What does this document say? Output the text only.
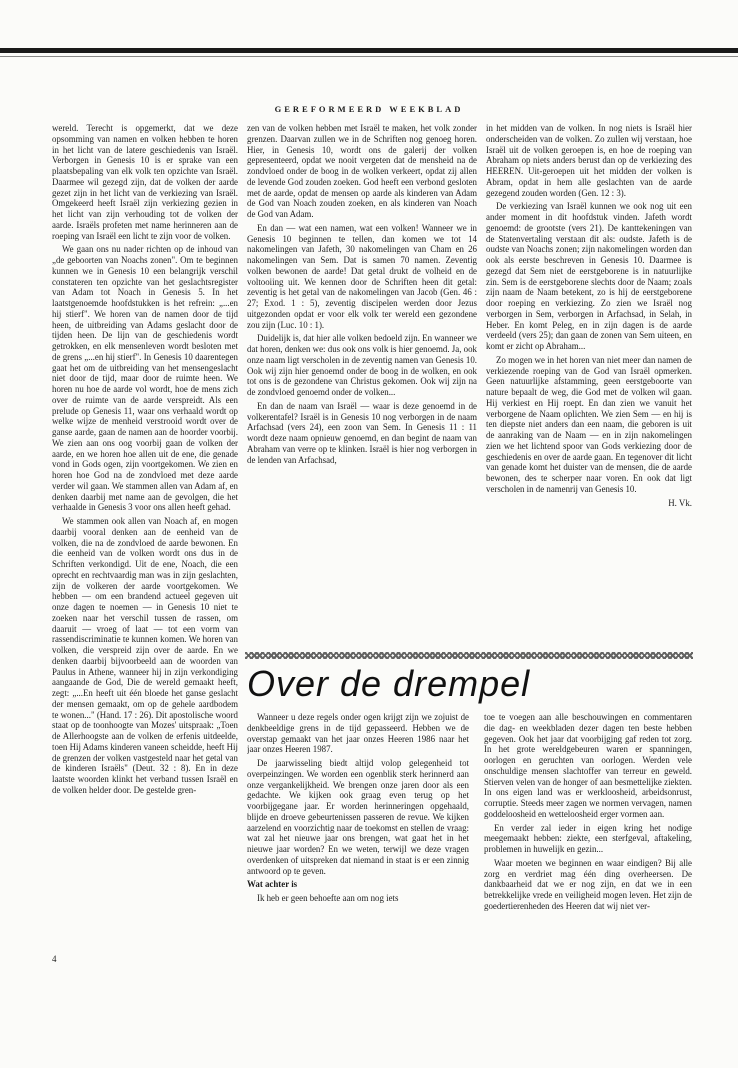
GEREFORMEERD WEEKBLAD

wereld. Terecht is opgemerkt, dat we deze opsomming van namen en volken hebben te horen in het licht van de latere geschiedenis van Israël. Verborgen in Genesis 10 is er sprake van een plaatsbepaling van elk volk ten opzichte van Israël. Daarmee wil gezegd zijn, dat de volken der aarde gezet zijn in het licht van de verkiezing van Israël. Omgekeerd heeft Israël zijn verkiezing gezien in het licht van zijn verhouding tot de volken der aarde. Israëls profeten met name herinneren aan de roeping van Israël een licht te zijn voor de volken.

We gaan ons nu nader richten op de inhoud van „de geboorten van Noachs zonen". Om te beginnen kunnen we in Genesis 10 een belangrijk verschil constateren ten opzichte van het geslachtsregister van Adam tot Noach in Genesis 5. In het laatstgenoemde hoofdstukken is het refrein: „...en hij stierf". We horen van de namen door de tijd heen, de uitbreiding van Adams geslacht door de tijden heen. De lijn van de geschiedenis wordt getrokken, en elk mensenleven wordt besloten met de grens „...en hij stierf". In Genesis 10 daarentegen gaat het om de uitbreiding van het mensengeslacht niet door de tijd, maar door de ruimte heen. We horen nu hoe de aarde vol wordt, hoe de mens zich over de ruimte van de aarde verspreidt. Als een prelude op Genesis 11, waar ons verhaald wordt op welke wijze de menheid verstrooid wordt over de ganse aarde, gaan de namen aan de hoorder voorbij. We zien aan ons oog voorbij gaan de volken der aarde, en we horen hoe allen uit de ene, die genade vond in Gods ogen, zijn voortgekomen. We zien en horen hoe God na de zondvloed met deze aarde verder wil gaan. We stammen allen van Adam af, en denken daarbij met name aan de gevolgen, die het verhaalde in Genesis 3 voor ons allen heeft gehad.

We stammen ook allen van Noach af, en mogen daarbij vooral denken aan de eenheid van de volken, die na de zondvloed de aarde bewonen. En die eenheid van de volken wordt ons dus in de Schriften verkondigd. Uit de ene, Noach, die een oprecht en rechtvaardig man was in zijn geslachten, zijn de volkeren der aarde voortgekomen. We hebben — om een brandend actueel gegeven uit onze dagen te noemen — in Genesis 10 niet te zoeken naar het verschil tussen de rassen, om daaruit — vroeg of laat — tot een vorm van rassendiscriminatie te kunnen komen. We horen van volken, die verspreid zijn over de aarde. En we denken daarbij bijvoorbeeld aan de woorden van Paulus in Athene, wanneer hij in zijn verkondiging aangaande de God, Die de wereld gemaakt heeft, zegt: „...En heeft uit één bloede het ganse geslacht der mensen gemaakt, om op de gehele aardbodem te wonen..." (Hand. 17 : 26). Dit apostolische woord staat op de toonhoogte van Mozes' uitspraak: „Toen de Allerhoogste aan de volken de erfenis uitdeelde, toen Hij Adams kinderen vaneen scheidde, heeft Hij de grenzen der volken vastgesteld naar het getal van de kinderen Israëls" (Deut. 32 : 8). En in deze laatste woorden klinkt het verband tussen Israël en de volken helder door. De gestelde gren-

zen van de volken hebben met Israël te maken, het volk zonder grenzen. Daarvan zullen we in de Schriften nog genoeg horen. Hier, in Genesis 10, wordt ons de galerij der volken gepresenteerd, opdat we nooit vergeten dat de mensheid na de zondvloed onder de boog in de wolken verkeert, opdat zij allen de levende God zouden zoeken. God heeft een verbond gesloten met de aarde, opdat de mensen op aarde als kinderen van Adam de God van Noach zouden zoeken, en als kinderen van Noach de God van Adam.

En dan — wat een namen, wat een volken! Wanneer we in Genesis 10 beginnen te tellen, dan komen we tot 14 nakomelingen van Jafeth, 30 nakomelingen van Cham en 26 nakomelingen van Sem. Dat is samen 70 namen. Zeventig volken bewonen de aarde! Dat getal drukt de volheid en de voltooiing uit. We kennen door de Schriften heen dit getal: zeventig is het getal van de nakomelingen van Jacob (Gen. 46 : 27; Exod. 1 : 5), zeventig discipelen werden door Jezus uitgezonden opdat er voor elk volk ter wereld een gezondene zou zijn (Luc. 10 : 1).

Duidelijk is, dat hier alle volken bedoeld zijn. En wanneer we dat horen, denken we: dus ook ons volk is hier genoemd. Ja, ook onze naam ligt verscholen in de zeventig namen van Genesis 10. Ook wij zijn hier genoemd onder de boog in de wolken, en ook tot ons is de gezondene van Christus gekomen. Ook wij zijn na de zondvloed genoemd onder de volken...

En dan de naam van Israël — waar is deze genoemd in de volkerentafel? Israël is in Genesis 10 nog verborgen in de naam Arfachsad (vers 24), een zoon van Sem. In Genesis 11 : 11 wordt deze naam opnieuw genoemd, en dan begint de naam van Abraham van verre op te klinken. Israël is hier nog verborgen in de lenden van Arfachsad,

in het midden van de volken. In nog niets is Israël hier onderscheiden van de volken. Zo zullen wij verstaan, hoe Israël uit de volken geroepen is, en hoe de roeping van Abraham op niets anders berust dan op de verkiezing des HEEREN. Uit-geroepen uit het midden der volken is Abram, opdat in hem alle geslachten van de aarde gezegend zouden worden (Gen. 12 : 3).

De verkiezing van Israël kunnen we ook nog uit een ander moment in dit hoofdstuk vinden. Jafeth wordt genoemd: de grootste (vers 21). De kanttekeningen van de Statenvertaling verstaan dit als: oudste. Jafeth is de oudste van Noachs zonen; zijn nakomelingen worden dan ook als eerste beschreven in Genesis 10. Daarmee is gezegd dat Sem niet de eerstgeborene is in natuurlijke zin. Sem is de eerstgeborene slechts door de Naam; zoals zijn naam de Naam betekent, zo is hij de eerstgeborene door roeping en verkiezing. Zo zien we Israël nog verborgen in Sem, verborgen in Arfachsad, in Selah, in Heber. En komt Peleg, en in zijn dagen is de aarde verdeeld (vers 25); dan gaan de zonen van Sem uiteen, en komt er zicht op Abraham...

Zo mogen we in het horen van niet meer dan namen de verkiezende roeping van de God van Israël opmerken. Geen natuurlijke afstamming, geen eerstgeboorte van nature bepaalt de weg, die God met de volken wil gaan. Hij verkiest en Hij roept. En dan zien we vanuit het verborgene de Naam oplichten. We zien Sem — en hij is ten diepste niet anders dan een naam, die geboren is uit de aanraking van de Naam — en in zijn nakomelingen zien we het lichtend spoor van Gods verkiezing door de geschiedenis en over de aarde gaan. En tegenover dit licht van genade komt het duister van de mensen, die de aarde bewonen, des te scherper naar voren. En ook dat ligt verscholen in de namenrij van Genesis 10.

H. Vk.

Over de drempel

Wanneer u deze regels onder ogen krijgt zijn we zojuist de denkbeeldige grens in de tijd gepasseerd. Hebben we de overstap gemaakt van het jaar onzes Heeren 1986 naar het jaar onzes Heeren 1987.

De jaarwisseling biedt altijd volop gelegenheid tot overpeinzingen. We worden een ogenblik sterk herinnerd aan onze vergankelijkheid. We brengen onze jaren door als een gedachte. We kijken ook graag even terug op het voorbijgegane jaar. Er worden herinneringen opgehaald, blijde en droeve gebeurtenissen passeren de revue. We kijken aarzelend en voorzichtig naar de toekomst en stellen de vraag: wat zal het nieuwe jaar ons brengen, wat gaat het in het nieuwe jaar worden? En we weten, terwijl we deze vragen overdenken of uitspreken dat niemand in staat is er een zinnig antwoord op te geven.

Wat achter is

Ik heb er geen behoefte aan om nog iets

toe te voegen aan alle beschouwingen en commentaren die dag- en weekbladen dezer dagen ten beste hebben gegeven. Ook het jaar dat voorbijging gaf reden tot zorg. In het grote wereldgebeuren waren er spanningen, oorlogen en geruchten van oorlogen. Werden vele onschuldige mensen slachtoffer van terreur en geweld. Stierven velen van de honger of aan besmettelijke ziekten. In ons eigen land was er werkloosheid, arbeidsonrust, corruptie. Steeds meer zagen we normen vervagen, namen goddeloosheid en wetteloosheid erger vormen aan.

En verder zal ieder in eigen kring het nodige meegemaakt hebben: ziekte, een sterfgeval, aftakeling, problemen in huwelijk en gezin...

Waar moeten we beginnen en waar eindigen? Bij alle zorg en verdriet mag één ding overheersen. De dankbaarheid dat we er nog zijn, en dat we in een betrekkelijke vrede en veiligheid mogen leven. Het zijn de goedertierenheden des Heeren dat wij niet ver-

4
